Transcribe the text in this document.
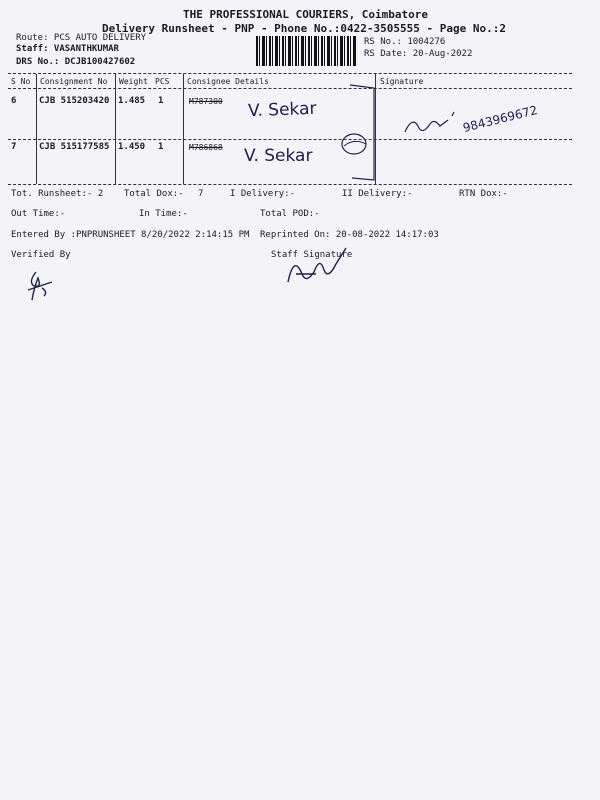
THE PROFESSIONAL COURIERS, Coimbatore
Delivery Runsheet - PNP - Phone No.:0422-3505555 - Page No.:2
Route: PCS AUTO DELIVERY
Staff: VASANTHKUMAR
DRS No.: DCJB100427602
RS No.: 1004276
RS Date: 20-Aug-2022
S No Consignment No Weight PCS Consignee Details	Signature
6	CJB 515203420 1.485 1	M787300 V. Sekar
7	CJB 515177585 1.450 1	M786868 V. Sekar
9843969672
Tot. Runsheet:- 2 Total Dox:- 7	I Delivery:-	II Delivery:-	RTN Dox:-
Out Time:-	In Time:-	Total POD:-
Entered By :PNPRUNSHEET 8/20/2022 2:14:15 PM Reprinted On: 20-08-2022 14:17:03
Verified By	Staff Signature
